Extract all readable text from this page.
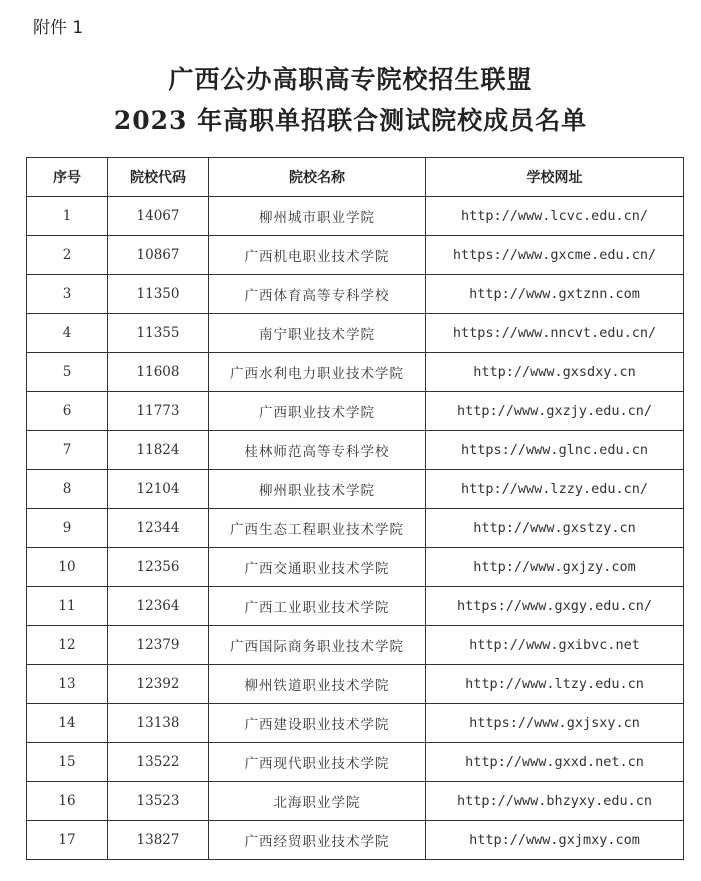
附件 1
广西公办高职高专院校招生联盟
2023 年高职单招联合测试院校成员名单
序号	院校代码	院校名称	学校网址
1	14067	柳州城市职业学院	http://www.lcvc.edu.cn/
2	10867	广西机电职业技术学院	https://www.gxcme.edu.cn/
3	11350	广西体育高等专科学校	http://www.gxtznn.com
4	11355	南宁职业技术学院	https://www.nncvt.edu.cn/
5	11608	广西水利电力职业技术学院	http://www.gxsdxy.cn
6	11773	广西职业技术学院	http://www.gxzjy.edu.cn/
7	11824	桂林师范高等专科学校	https://www.glnc.edu.cn
8	12104	柳州职业技术学院	http://www.lzzy.edu.cn/
9	12344	广西生态工程职业技术学院	http://www.gxstzy.cn
10	12356	广西交通职业技术学院	http://www.gxjzy.com
11	12364	广西工业职业技术学院	https://www.gxgy.edu.cn/
12	12379	广西国际商务职业技术学院	http://www.gxibvc.net
13	12392	柳州铁道职业技术学院	http://www.ltzy.edu.cn
14	13138	广西建设职业技术学院	https://www.gxjsxy.cn
15	13522	广西现代职业技术学院	http://www.gxxd.net.cn
16	13523	北海职业学院	http://www.bhzyxy.edu.cn
17	13827	广西经贸职业技术学院	http://www.gxjmxy.com
